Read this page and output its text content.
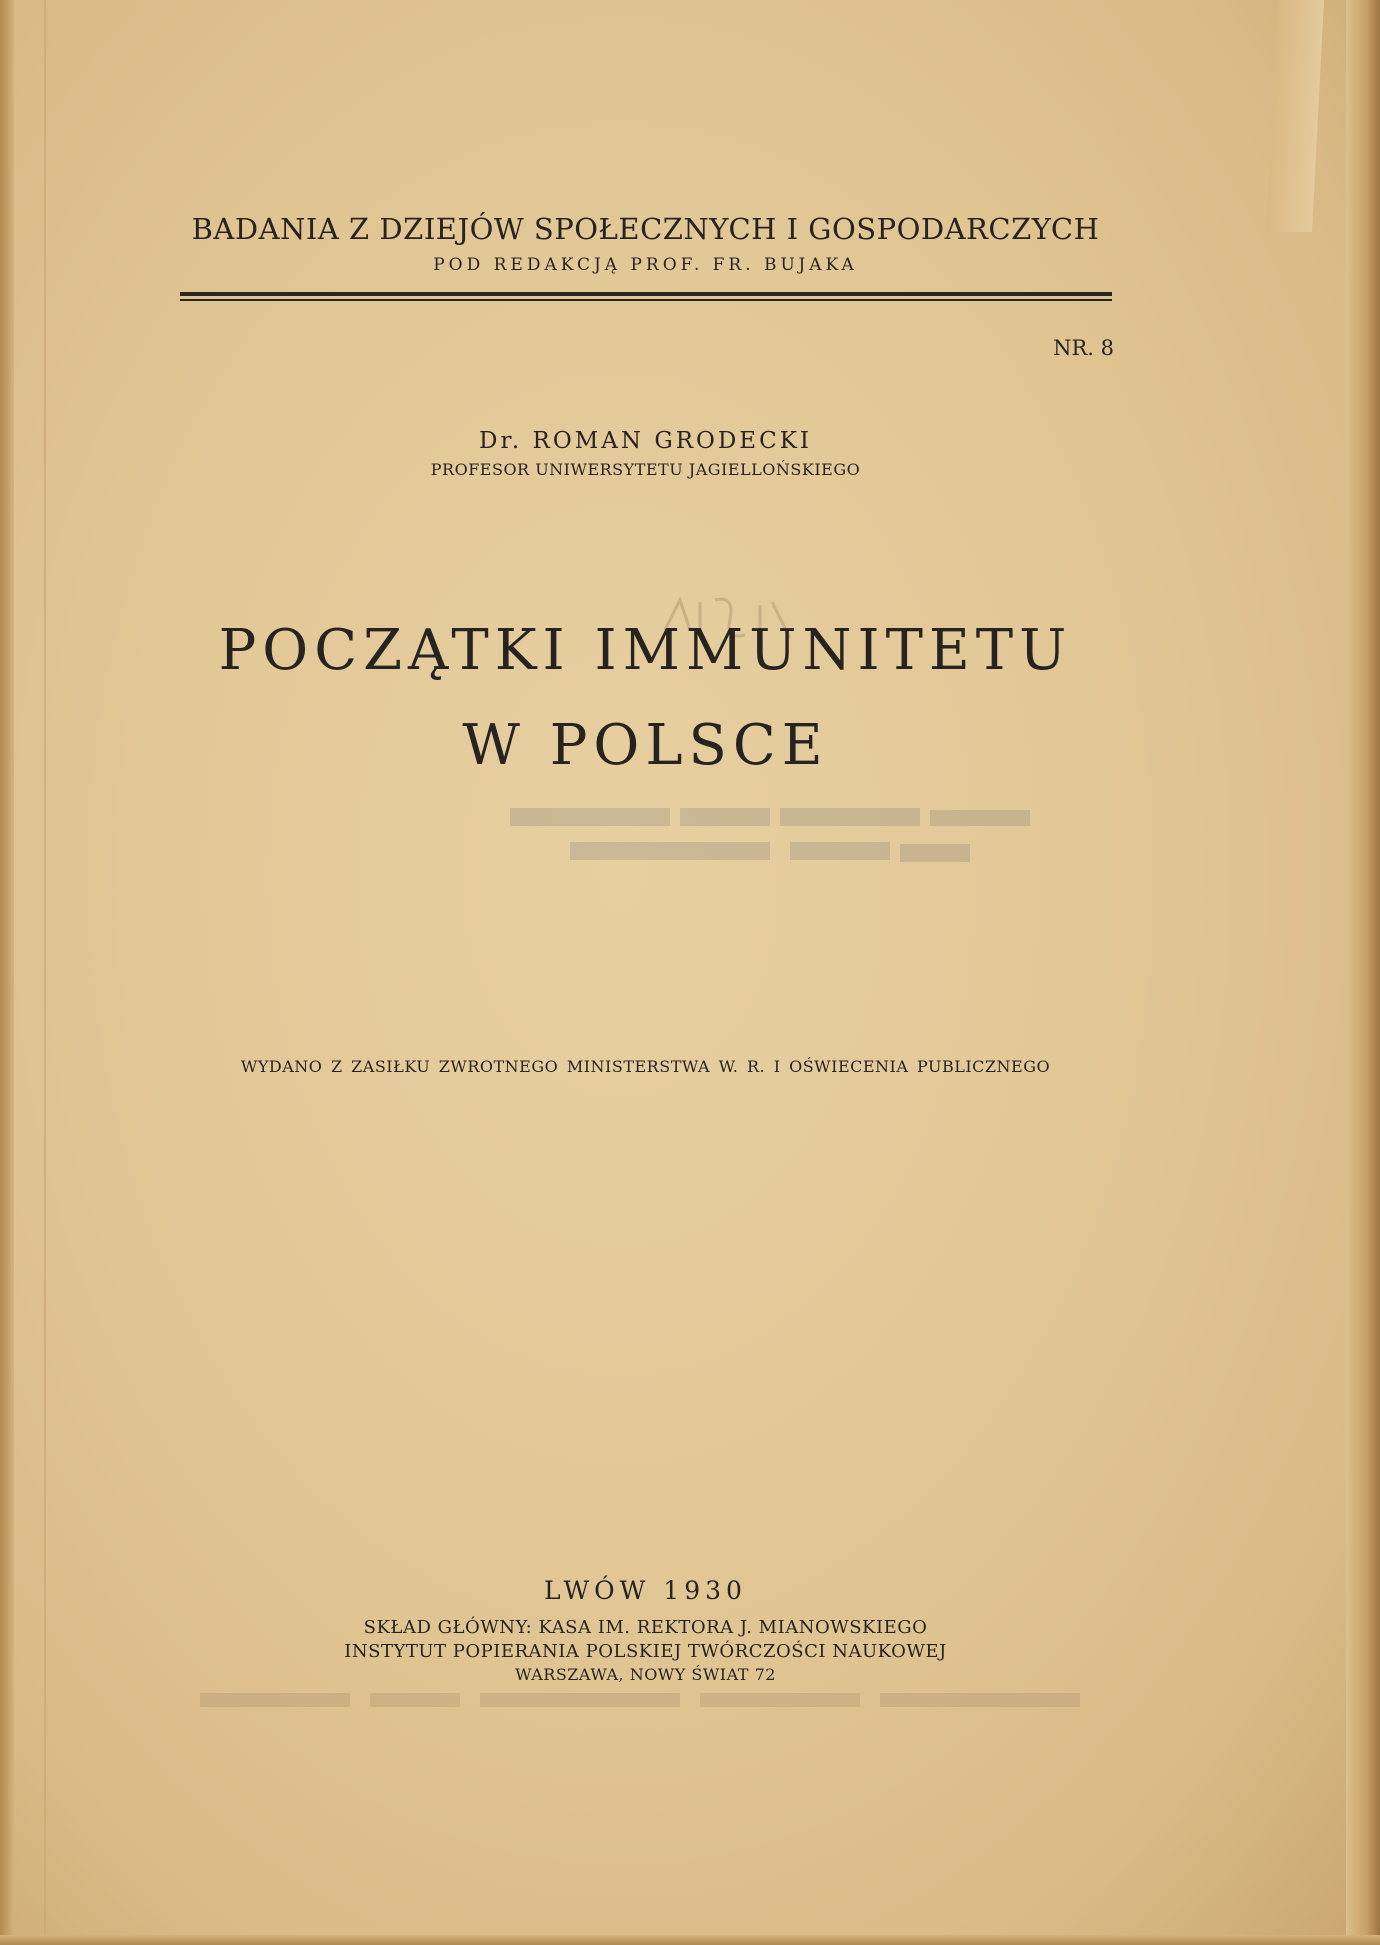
BADANIA Z DZIEJÓW SPOŁECZNYCH I GOSPODARCZYCH

POD REDAKCJĄ PROF. FR. BUJAKA

NR. 8

Dr. ROMAN GRODECKI

PROFESOR UNIWERSYTETU JAGIELLOŃSKIEGO

POCZĄTKI IMMUNITETU
W POLSCE

WYDANO Z ZASIŁKU ZWROTNEGO MINISTERSTWA W. R. I OŚWIECENIA PUBLICZNEGO

LWÓW 1930

SKŁAD GŁÓWNY: KASA IM. REKTORA J. MIANOWSKIEGO

INSTYTUT POPIERANIA POLSKIEJ TWÓRCZOŚCI NAUKOWEJ

WARSZAWA, NOWY ŚWIAT 72
